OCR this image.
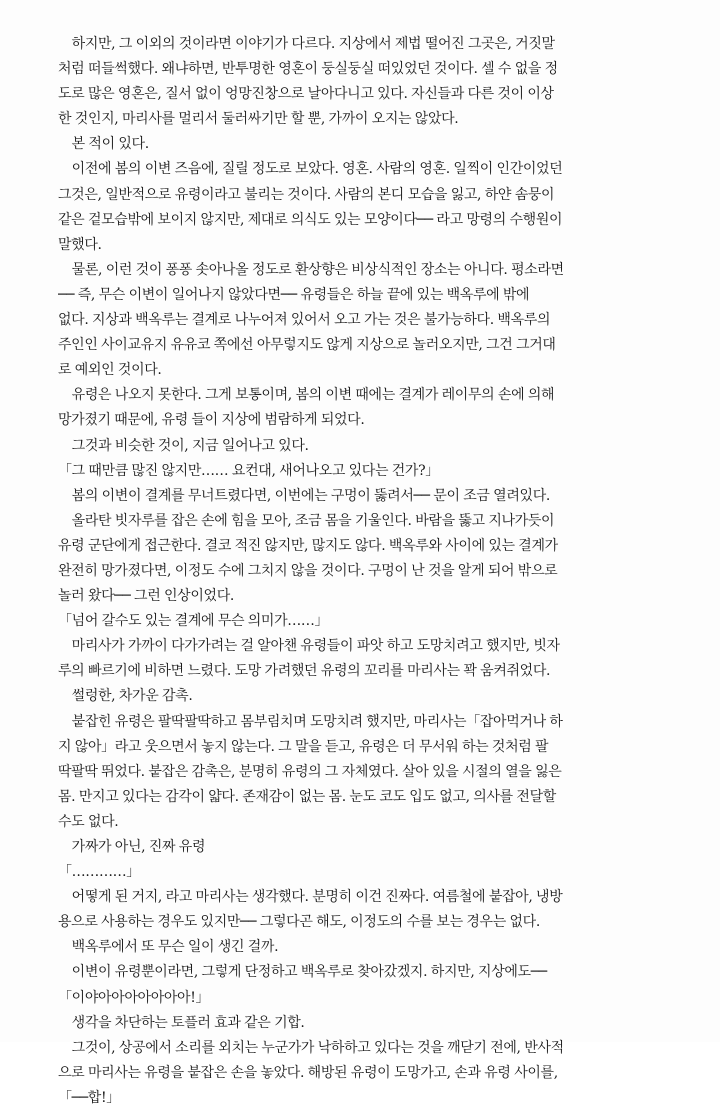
　하지만, 그 이외의 것이라면 이야기가 다르다. 지상에서 제법 떨어진 그곳은, 거짓말
처럼 떠들썩했다. 왜냐하면, 반투명한 영혼이 둥실둥실 떠있었던 것이다. 셀 수 없을 정
도로 많은 영혼은, 질서 없이 엉망진창으로 날아다니고 있다. 자신들과 다른 것이 이상
한 것인지, 마리사를 멀리서 둘러싸기만 할 뿐, 가까이 오지는 않았다.
　본 적이 있다.
　이전에 봄의 이변 즈음에, 질릴 정도로 보았다. 영혼. 사람의 영혼. 일찍이 인간이었던
그것은, 일반적으로 유령이라고 불리는 것이다. 사람의 본디 모습을 잃고, 하얀 솜뭉이
같은 겉모습밖에 보이지 않지만, 제대로 의식도 있는 모양이다── 라고 망령의 수행원이
말했다.
　물론, 이런 것이 퐁퐁 솟아나올 정도로 환상향은 비상식적인 장소는 아니다. 평소라면
── 즉, 무슨 이변이 일어나지 않았다면── 유령들은 하늘 끝에 있는 백옥루에 밖에
없다. 지상과 백옥루는 결계로 나누어져 있어서 오고 가는 것은 불가능하다. 백옥루의
주인인 사이교유지 유유코 쪽에선 아무렇지도 않게 지상으로 놀러오지만, 그건 그거대
로 예외인 것이다.
　유령은 나오지 못한다. 그게 보통이며, 봄의 이변 때에는 결계가 레이무의 손에 의해
망가졌기 때문에, 유령 들이 지상에 범람하게 되었다.
　그것과 비슷한 것이, 지금 일어나고 있다.
「그 때만큼 많진 않지만…… 요컨대, 새어나오고 있다는 건가?」
　봄의 이변이 결계를 무너트렸다면, 이번에는 구멍이 뚫려서── 문이 조금 열려있다.
　올라탄 빗자루를 잡은 손에 힘을 모아, 조금 몸을 기울인다. 바람을 뚫고 지나가듯이
유령 군단에게 접근한다. 결코 적진 않지만, 많지도 않다. 백옥루와 사이에 있는 결계가
완전히 망가졌다면, 이정도 수에 그치지 않을 것이다. 구멍이 난 것을 알게 되어 밖으로
놀러 왔다── 그런 인상이었다.
「넘어 갈수도 있는 결계에 무슨 의미가……」
　마리사가 가까이 다가가려는 걸 알아챈 유령들이 파앗 하고 도망치려고 했지만, 빗자
루의 빠르기에 비하면 느렸다. 도망 가려했던 유령의 꼬리를 마리사는 꽉 움켜쥐었다.
　썰렁한, 차가운 감촉.
　붙잡힌 유령은 팔딱팔딱하고 몸부림치며 도망치려 했지만, 마리사는「잡아먹거나 하
지 않아」라고 웃으면서 놓지 않는다. 그 말을 듣고, 유령은 더 무서워 하는 것처럼 팔
딱팔딱 뛰었다. 붙잡은 감촉은, 분명히 유령의 그 자체였다. 살아 있을 시절의 열을 잃은
몸. 만지고 있다는 감각이 얇다. 존재감이 없는 몸. 눈도 코도 입도 없고, 의사를 전달할
수도 없다.
　가짜가 아닌, 진짜 유령
「…………」
　어떻게 된 거지, 라고 마리사는 생각했다. 분명히 이건 진짜다. 여름철에 붙잡아, 냉방
용으로 사용하는 경우도 있지만── 그렇다곤 해도, 이정도의 수를 보는 경우는 없다.
　백옥루에서 또 무슨 일이 생긴 걸까.
　이변이 유령뿐이라면, 그렇게 단정하고 백옥루로 찾아갔겠지. 하지만, 지상에도──
「이야아아아아아아아!」
　생각을 차단하는 토플러 효과 같은 기합.
　그것이, 상공에서 소리를 외치는 누군가가 낙하하고 있다는 것을 깨닫기 전에, 반사적
으로 마리사는 유령을 붙잡은 손을 놓았다. 해방된 유령이 도망가고, 손과 유령 사이를,
「──합!」
